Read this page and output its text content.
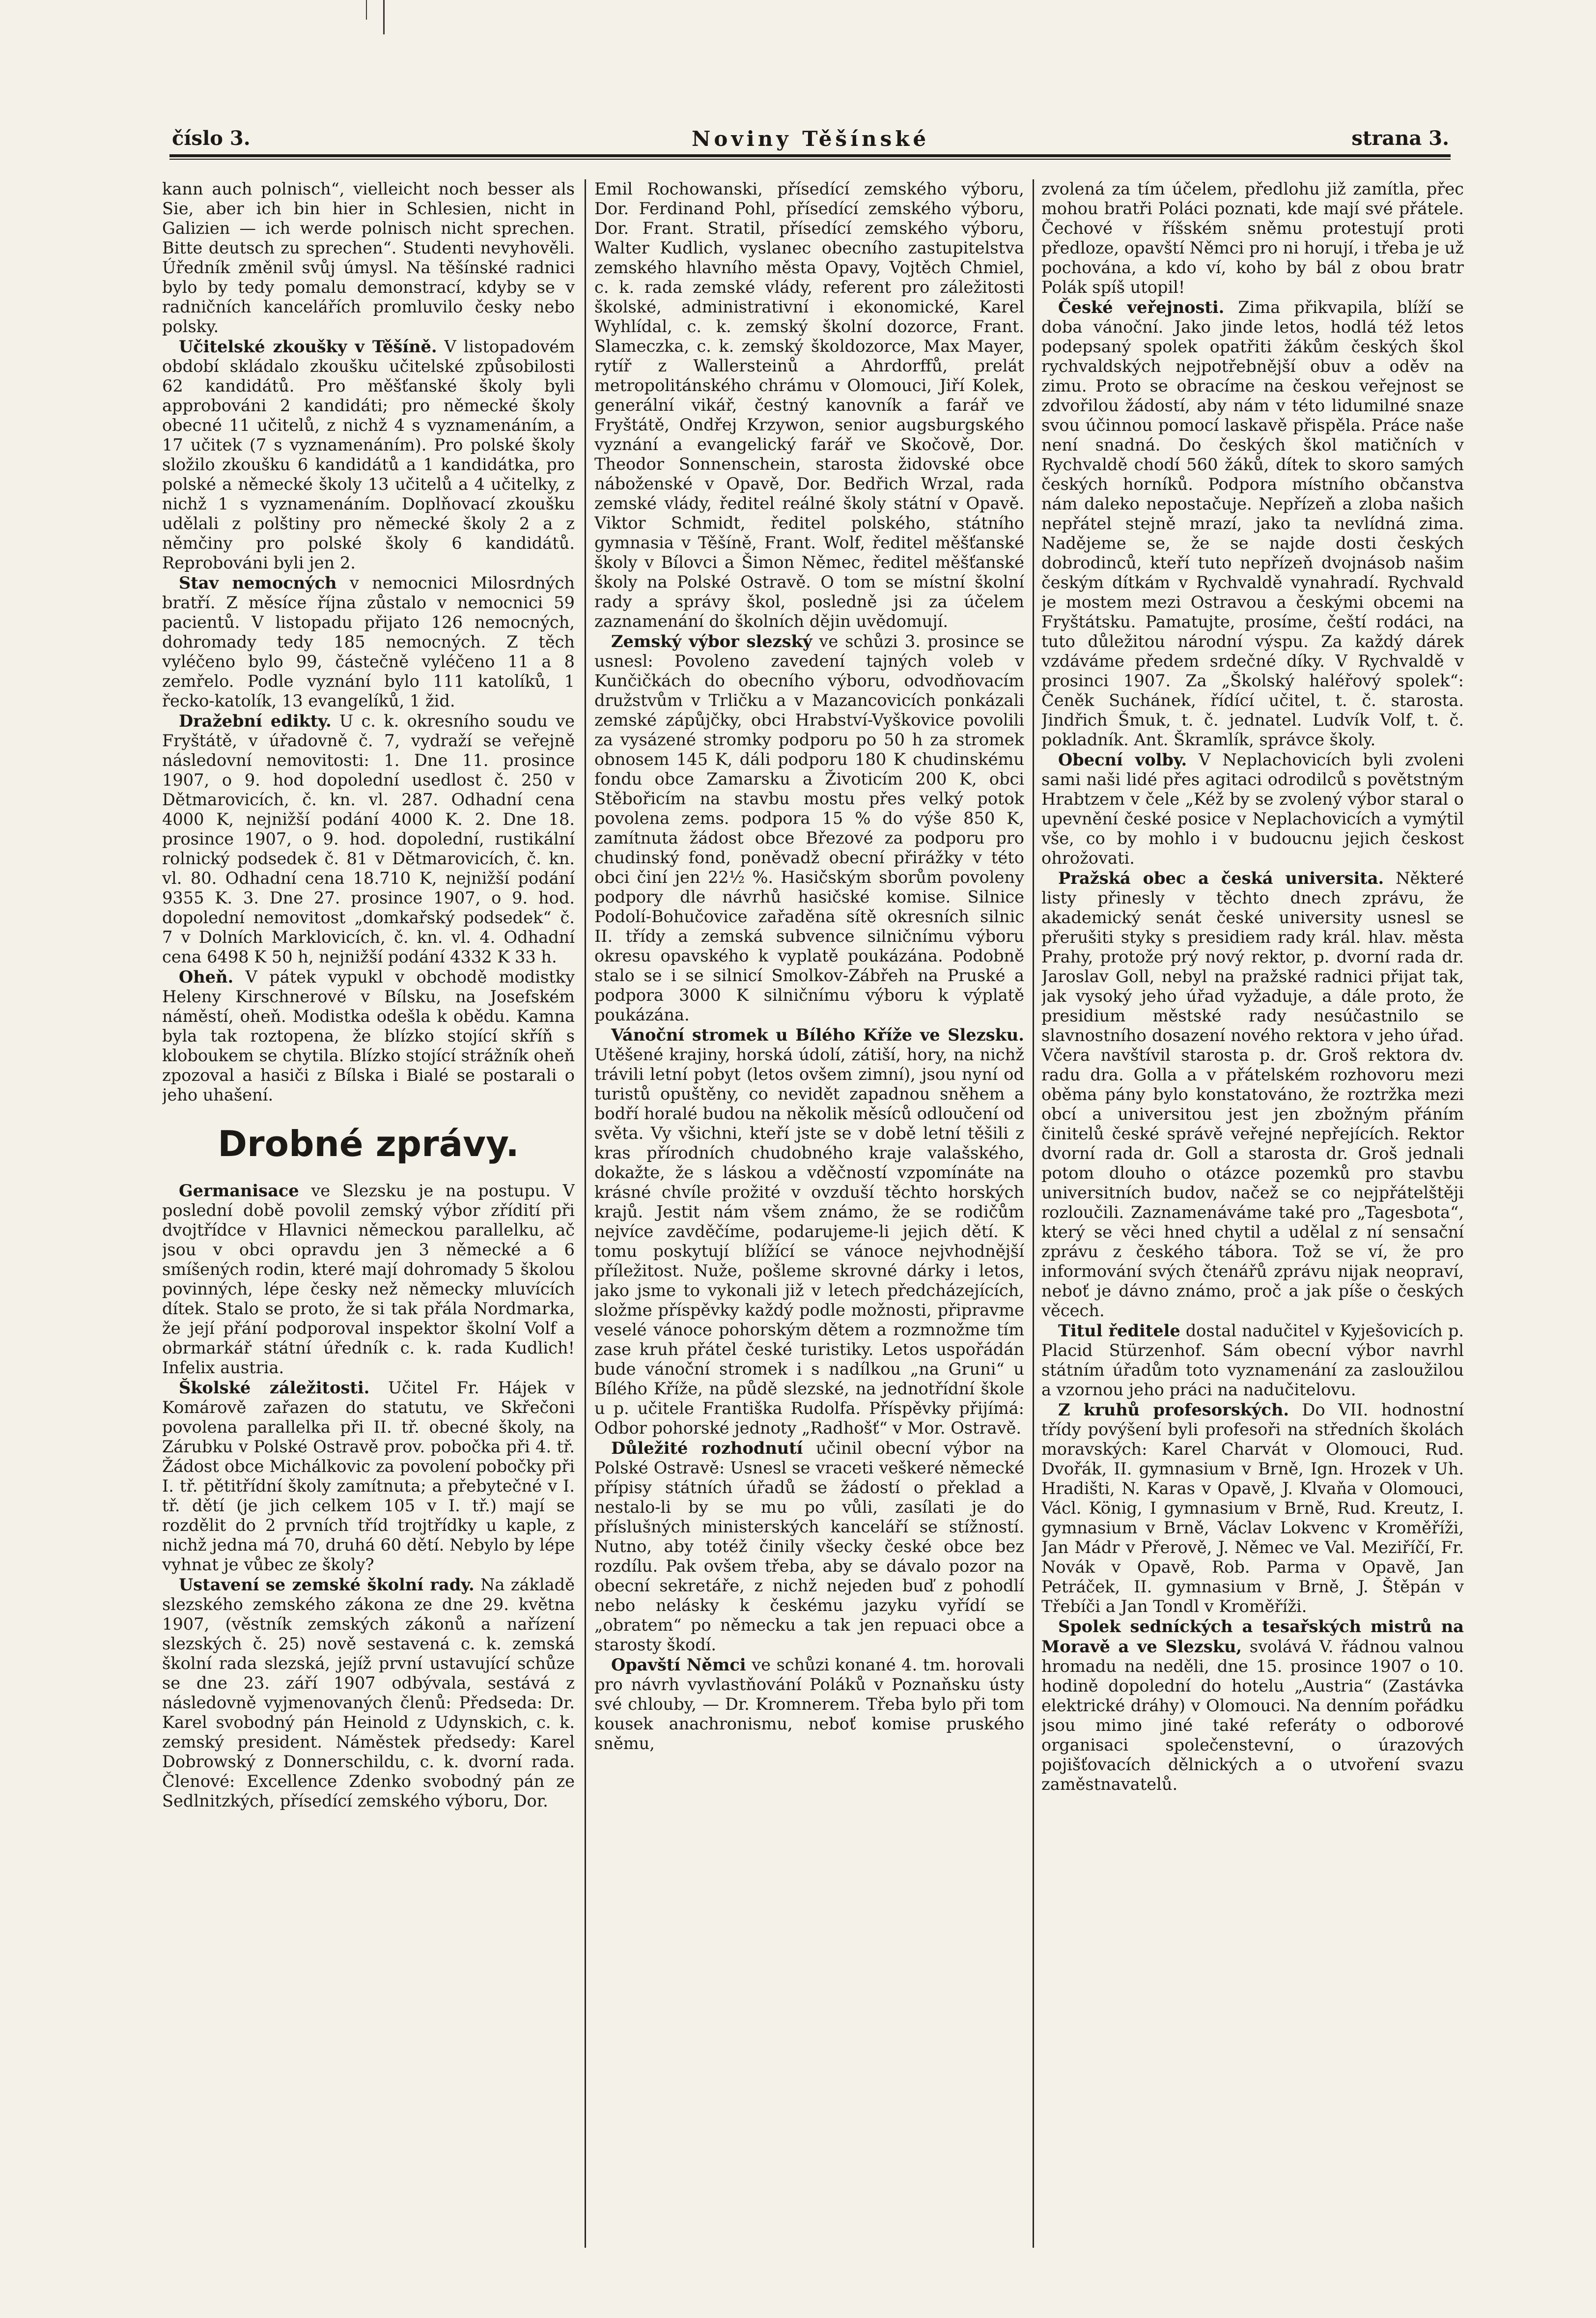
číslo 3.	Noviny Těšínské	strana 3.

kann auch polnisch“, vielleicht noch besser als Sie, aber ich bin hier in Schlesien, nicht in Galizien — ich werde polnisch nicht sprechen. Bitte deutsch zu sprechen“. Studenti nevyhověli. Úředník změnil svůj úmysl. Na těšínské radnici bylo by tedy pomalu demonstrací, kdyby se v radničních kancelářích promluvilo česky nebo polsky.

Učitelské zkoušky v Těšíně. V listopadovém období skládalo zkoušku učitelské způsobilosti 62 kandidátů. Pro měšťanské školy byli approbováni 2 kandidáti; pro německé školy obecné 11 učitelů, z nichž 4 s vyznamenáním, a 17 učitek (7 s vyznamenáním). Pro polské školy složilo zkoušku 6 kandidátů a 1 kandidátka, pro polské a německé školy 13 učitelů a 4 učitelky, z nichž 1 s vyznamenáním. Doplňovací zkoušku udělali z polštiny pro německé školy 2 a z němčiny pro polské školy 6 kandidátů. Reprobováni byli jen 2.

Stav nemocných v nemocnici Milosrdných bratří. Z měsíce října zůstalo v nemocnici 59 pacientů. V listopadu přijato 126 nemocných, dohromady tedy 185 nemocných. Z těch vyléčeno bylo 99, částečně vyléčeno 11 a 8 zemřelo. Podle vyznání bylo 111 katolíků, 1 řecko-katolík, 13 evangelíků, 1 žid.

Dražební edikty. U c. k. okresního soudu ve Fryštátě, v úřadovně č. 7, vydraží se veřejně následovní nemovitosti: 1. Dne 11. prosince 1907, o 9. hod dopolední usedlost č. 250 v Dětmarovicích, č. kn. vl. 287. Odhadní cena 4000 K, nejnižší podání 4000 K. 2. Dne 18. prosince 1907, o 9. hod. dopolední, rustikální rolnický podsedek č. 81 v Dětmarovicích, č. kn. vl. 80. Odhadní cena 18.710 K, nejnižší podání 9355 K. 3. Dne 27. prosince 1907, o 9. hod. dopolední nemovitost „domkařský podsedek“ č. 7 v Dolních Marklovicích, č. kn. vl. 4. Odhadní cena 6498 K 50 h, nejnižší podání 4332 K 33 h.

Oheň. V pátek vypukl v obchodě modistky Heleny Kirschnerové v Bílsku, na Josefském náměstí, oheň. Modistka odešla k obědu. Kamna byla tak roztopena, že blízko stojící skříň s kloboukem se chytila. Blízko stojící strážník oheň zpozoval a hasiči z Bílska i Bialé se postarali o jeho uhašení.

Drobné zprávy.

Germanisace ve Slezsku je na postupu. V poslední době povolil zemský výbor zřídití při dvojtřídce v Hlavnici německou parallelku, ač jsou v obci opravdu jen 3 německé a 6 smíšených rodin, které mají dohromady 5 školou povinných, lépe česky než německy mluvících dítek. Stalo se proto, že si tak přála Nordmarka, že její přání podporoval inspektor školní Volf a obrmarkář státní úředník c. k. rada Kudlich! Infelix austria.

Školské záležitosti. Učitel Fr. Hájek v Komárově zařazen do statutu, ve Skřečoni povolena parallelka při II. tř. obecné školy, na Zárubku v Polské Ostravě prov. pobočka při 4. tř. Žádost obce Michálkovic za povolení pobočky při I. tř. pětitřídní školy zamítnuta; a přebytečné v I. tř. dětí (je jich celkem 105 v I. tř.) mají se rozdělit do 2 prvních tříd trojtřídky u kaple, z nichž jedna má 70, druhá 60 dětí. Nebylo by lépe vyhnat je vůbec ze školy?

Ustavení se zemské školní rady. Na základě slezského zemského zákona ze dne 29. května 1907, (věstník zemských zákonů a nařízení slezských č. 25) nově sestavená c. k. zemská školní rada slezská, jejíž první ustavující schůze se dne 23. září 1907 odbývala, sestává z následovně vyjmenovaných členů: Předseda: Dr. Karel svobodný pán Heinold z Udynskich, c. k. zemský president. Náměstek předsedy: Karel Dobrowský z Donnerschildu, c. k. dvorní rada. Členové: Excellence Zdenko svobodný pán ze Sedlnitzkých, přísedící zemského výboru, Dor.

Emil Rochowanski, přísedící zemského výboru, Dor. Ferdinand Pohl, přísedící zemského výboru, Dor. Frant. Stratil, přísedící zemského výboru, Walter Kudlich, vyslanec obecního zastupitelstva zemského hlavního města Opavy, Vojtěch Chmiel, c. k. rada zemské vlády, referent pro záležitosti školské, administrativní i ekonomické, Karel Wyhlídal, c. k. zemský školní dozorce, Frant. Slameczka, c. k. zemský školdozorce, Max Mayer, rytíř z Wallersteinů a Ahrdorffů, prelát metropolitánského chrámu v Olomouci, Jiří Kolek, generální vikář, čestný kanovník a farář ve Fryštátě, Ondřej Krzywon, senior augsburgského vyznání a evangelický farář ve Skočově, Dor. Theodor Sonnenschein, starosta židovské obce náboženské v Opavě, Dor. Bedřich Wrzal, rada zemské vlády, ředitel reálné školy státní v Opavě. Viktor Schmidt, ředitel polského, státního gymnasia v Těšíně, Frant. Wolf, ředitel měšťanské školy v Bílovci a Šimon Němec, ředitel měšťanské školy na Polské Ostravě. O tom se místní školní rady a správy škol, posledně jsi za účelem zaznamenání do školních dějin uvědomují.

Zemský výbor slezský ve schůzi 3. prosince se usnesl: Povoleno zavedení tajných voleb v Kunčičkách do obecního výboru, odvodňovacím družstvům v Trličku a v Mazancovicích ponkázali zemské zápůjčky, obci Hrabství-Vyškovice povolili za vysázené stromky podporu po 50 h za stromek obnosem 145 K, dáli podporu 180 K chudinskému fondu obce Zamarsku a Životicím 200 K, obci Stěbořicím na stavbu mostu přes velký potok povolena zems. podpora 15 % do výše 850 K, zamítnuta žádost obce Březové za podporu pro chudinský fond, poněvadž obecní přirážky v této obci činí jen 22½ %. Hasičským sborům povoleny podpory dle návrhů hasičské komise. Silnice Podolí-Bohučovice zařaděna sítě okresních silnic II. třídy a zemská subvence silničnímu výboru okresu opavského k vyplatě poukázána. Podobně stalo se i se silnicí Smolkov-Zábřeh na Pruské a podpora 3000 K silničnímu výboru k výplatě poukázána.

Vánoční stromek u Bílého Kříže ve Slezsku. Utěšené krajiny, horská údolí, zátiší, hory, na nichž trávili letní pobyt (letos ovšem zimní), jsou nyní od turistů opuštěny, co nevidět zapadnou sněhem a bodří horalé budou na několik měsíců odloučení od světa. Vy všichni, kteří jste se v době letní těšili z kras přírodních chudobného kraje valašského, dokažte, že s láskou a vděčností vzpomínáte na krásné chvíle prožité v ovzduší těchto horských krajů. Jestit nám všem známo, že se rodičům nejvíce zavděčíme, podarujeme-li jejich dětí. K tomu poskytují blížící se vánoce nejvhodnější příležitost. Nuže, pošleme skrovné dárky i letos, jako jsme to vykonali již v letech předcházejících, složme příspěvky každý podle možnosti, připravme veselé vánoce pohorským dětem a rozmnožme tím zase kruh přátel české turistiky. Letos uspořádán bude vánoční stromek i s nadílkou „na Gruni“ u Bílého Kříže, na půdě slezské, na jednotřídní škole u p. učitele Františka Rudolfa. Příspěvky přijímá: Odbor pohorské jednoty „Radhošť“ v Mor. Ostravě.

Důležité rozhodnutí učinil obecní výbor na Polské Ostravě: Usnesl se vraceti veškeré německé přípisy státních úřadů se žádostí o překlad a nestalo-li by se mu po vůli, zasílati je do příslušných ministerských kanceláří se stížností. Nutno, aby totéž činily všecky české obce bez rozdílu. Pak ovšem třeba, aby se dávalo pozor na obecní sekretáře, z nichž nejeden buď z pohodlí nebo nelásky k českému jazyku vyřídí se „obratem“ po německu a tak jen repuaci obce a starosty škodí.

Opavští Němci ve schůzi konané 4. tm. horovali pro návrh vyvlastňování Poláků v Poznaňsku ústy své chlouby, — Dr. Kromnerem. Třeba bylo při tom kousek anachronismu, neboť komise pruského sněmu,

zvolená za tím účelem, předlohu již zamítla, přec mohou bratři Poláci poznati, kde mají své přátele. Čechové v říšském sněmu protestují proti předloze, opavští Němci pro ni horují, i třeba je už pochována, a kdo ví, koho by bál z obou bratr Polák spíš utopil!

České veřejnosti. Zima přikvapila, blíží se doba vánoční. Jako jinde letos, hodlá též letos podepsaný spolek opatřiti žákům českých škol rychvaldských nejpotřebnější obuv a oděv na zimu. Proto se obracíme na českou veřejnost se zdvořilou žádostí, aby nám v této lidumilné snaze svou účinnou pomocí laskavě přispěla. Práce naše není snadná. Do českých škol matičních v Rychvaldě chodí 560 žáků, dítek to skoro samých českých horníků. Podpora místního občanstva nám daleko nepostačuje. Nepřízeň a zloba našich nepřátel stejně mrazí, jako ta nevlídná zima. Nadějeme se, že se najde dosti českých dobrodinců, kteří tuto nepřízeň dvojnásob našim českým dítkám v Rychvaldě vynahradí. Rychvald je mostem mezi Ostravou a českými obcemi na Fryštátsku. Pamatujte, prosíme, čeští rodáci, na tuto důležitou národní výspu. Za každý dárek vzdáváme předem srdečné díky. V Rychvaldě v prosinci 1907. Za „Školský haléřový spolek“: Čeněk Suchánek, řídící učitel, t. č. starosta. Jindřich Šmuk, t. č. jednatel. Ludvík Volf, t. č. pokladník. Ant. Škramlík, správce školy.

Obecní volby. V Neplachovicích byli zvoleni sami naši lidé přes agitaci odrodilců s povětstným Hrabtzem v čele „Kéž by se zvolený výbor staral o upevnění české posice v Neplachovicích a vymýtil vše, co by mohlo i v budoucnu jejich českost ohrožovati.

Pražská obec a česká universita. Některé listy přinesly v těchto dnech zprávu, že akademický senát české university usnesl se přerušiti styky s presidiem rady král. hlav. města Prahy, protože prý nový rektor, p. dvorní rada dr. Jaroslav Goll, nebyl na pražské radnici přijat tak, jak vysoký jeho úřad vyžaduje, a dále proto, že presidium městské rady nesúčastnilo se slavnostního dosazení nového rektora v jeho úřad. Včera navštívil starosta p. dr. Groš rektora dv. radu dra. Golla a v přátelském rozhovoru mezi oběma pány bylo konstatováno, že roztržka mezi obcí a universitou jest jen zbožným přáním činitelů české správě veřejné nepřejících. Rektor dvorní rada dr. Goll a starosta dr. Groš jednali potom dlouho o otázce pozemků pro stavbu universitních budov, načež se co nejpřátelštěji rozloučili. Zaznamenáváme také pro „Tagesbota“, který se věci hned chytil a udělal z ní sensační zprávu z českého tábora. Tož se ví, že pro informování svých čtenářů zprávu nijak neopraví, neboť je dávno známo, proč a jak píše o českých věcech.

Titul ředitele dostal nadučitel v Kyješovicích p. Placid Stürzenhof. Sám obecní výbor navrhl státním úřadům toto vyznamenání za zasloužilou a vzornou jeho práci na nadučitelovu.

Z kruhů profesorských. Do VII. hodnostní třídy povýšení byli profesoři na středních školách moravských: Karel Charvát v Olomouci, Rud. Dvořák, II. gymnasium v Brně, Ign. Hrozek v Uh. Hradišti, N. Karas v Opavě, J. Klvaňa v Olomouci, Václ. König, I gymnasium v Brně, Rud. Kreutz, I. gymnasium v Brně, Václav Lokvenc v Kroměříži, Jan Mádr v Přerově, J. Němec ve Val. Meziříčí, Fr. Novák v Opavě, Rob. Parma v Opavě, Jan Petráček, II. gymnasium v Brně, J. Štěpán v Třebíči a Jan Tondl v Kroměříži.

Spolek sedníckých a tesařských mistrů na Moravě a ve Slezsku, svolává V. řádnou valnou hromadu na neděli, dne 15. prosince 1907 o 10. hodině dopolední do hotelu „Austria“ (Zastávka elektrické dráhy) v Olomouci. Na denním pořádku jsou mimo jiné také referáty o odborové organisaci společenstevní, o úrazových pojišťovacích dělnických a o utvoření svazu zaměstnavatelů.
